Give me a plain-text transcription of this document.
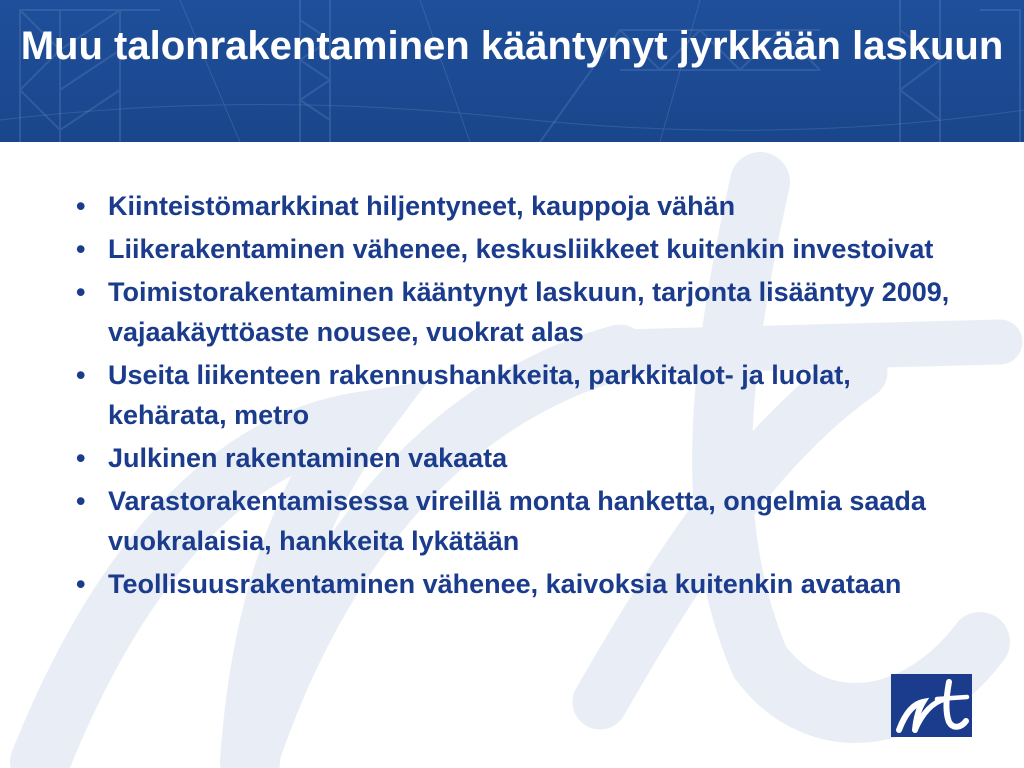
Muu talonrakentaminen kääntynyt jyrkkään laskuun
• Kiinteistömarkkinat hiljentyneet, kauppoja vähän
• Liikerakentaminen vähenee, keskusliikkeet kuitenkin investoivat
• Toimistorakentaminen kääntynyt laskuun, tarjonta lisääntyy 2009, vajaakäyttöaste nousee, vuokrat alas
• Useita liikenteen rakennushankkeita, parkkitalot- ja luolat, kehärata, metro
• Julkinen rakentaminen vakaata
• Varastorakentamisessa vireillä monta hanketta, ongelmia saada vuokralaisia, hankkeita lykätään
• Teollisuusrakentaminen vähenee, kaivoksia kuitenkin avataan
